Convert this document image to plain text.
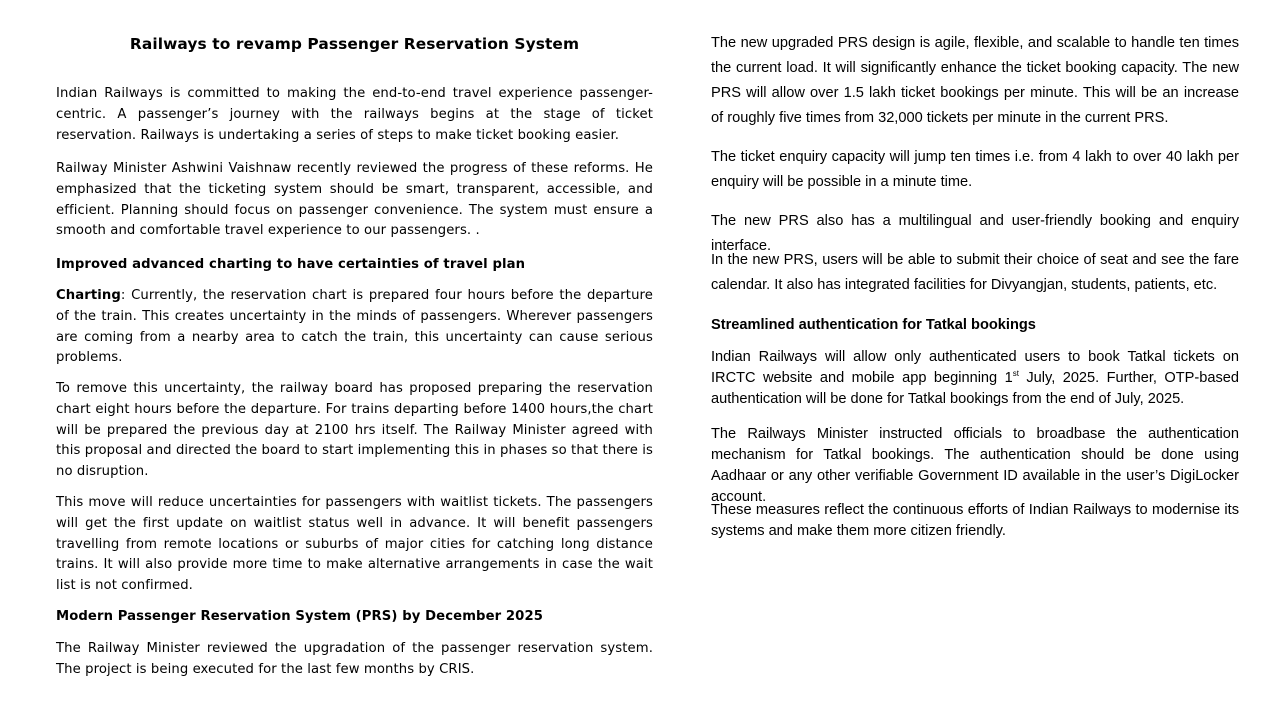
Railways to revamp Passenger Reservation System

Indian Railways is committed to making the end-to-end travel experience passenger-centric. A passenger’s journey with the railways begins at the stage of ticket reservation. Railways is undertaking a series of steps to make ticket booking easier.

Railway Minister Ashwini Vaishnaw recently reviewed the progress of these reforms. He emphasized that the ticketing system should be smart, transparent, accessible, and efficient. Planning should focus on passenger convenience. The system must ensure a smooth and comfortable travel experience to our passengers. .

Improved advanced charting to have certainties of travel plan

Charting: Currently, the reservation chart is prepared four hours before the departure of the train. This creates uncertainty in the minds of passengers. Wherever passengers are coming from a nearby area to catch the train, this uncertainty can cause serious problems.

To remove this uncertainty, the railway board has proposed preparing the reservation chart eight hours before the departure. For trains departing before 1400 hours,the chart will be prepared the previous day at 2100 hrs itself. The Railway Minister agreed with this proposal and directed the board to start implementing this in phases so that there is no disruption.

This move will reduce uncertainties for passengers with waitlist tickets. The passengers will get the first update on waitlist status well in advance. It will benefit passengers travelling from remote locations or suburbs of major cities for catching long distance trains. It will also provide more time to make alternative arrangements in case the wait list is not confirmed.

Modern Passenger Reservation System (PRS) by December 2025

The Railway Minister reviewed the upgradation of the passenger reservation system. The project is being executed for the last few months by CRIS.

The new upgraded PRS design is agile, flexible, and scalable to handle ten times the current load. It will significantly enhance the ticket booking capacity. The new PRS will allow over 1.5 lakh ticket bookings per minute. This will be an increase of roughly five times from 32,000 tickets per minute in the current PRS.

The ticket enquiry capacity will jump ten times i.e. from 4 lakh to over 40 lakh per enquiry will be possible in a minute time.

The new PRS also has a multilingual and user-friendly booking and enquiry interface.

In the new PRS, users will be able to submit their choice of seat and see the fare calendar. It also has integrated facilities for Divyangjan, students, patients, etc.

Streamlined authentication for Tatkal bookings

Indian Railways will allow only authenticated users to book Tatkal tickets on IRCTC website and mobile app beginning 1st July, 2025. Further, OTP-based authentication will be done for Tatkal bookings from the end of July, 2025.

The Railways Minister instructed officials to broadbase the authentication mechanism for Tatkal bookings. The authentication should be done using Aadhaar or any other verifiable Government ID available in the user’s DigiLocker account.

These measures reflect the continuous efforts of Indian Railways to modernise its systems and make them more citizen friendly.
